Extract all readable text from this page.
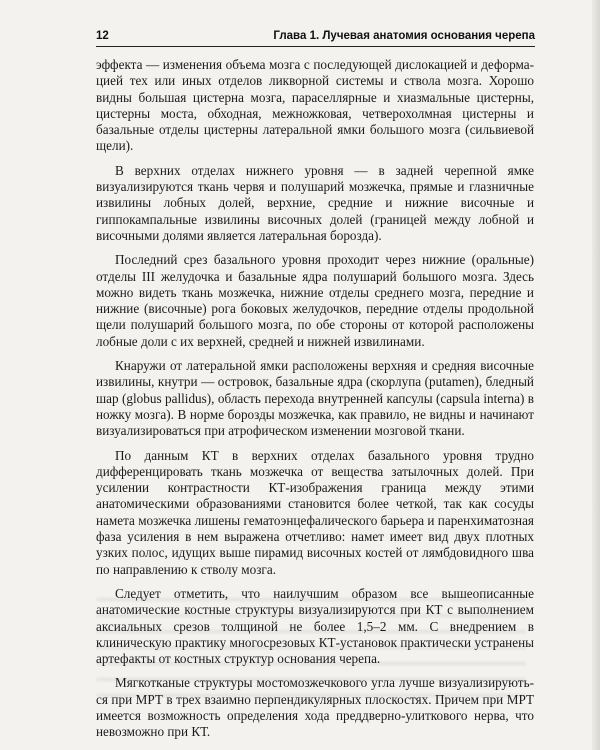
12	Глава 1. Лучевая анатомия основания черепа

эффекта — изменения объема мозга с последующей дислокацией и деформацией тех или иных отделов ликворной системы и ствола мозга. Хорошо видны большая цистерна мозга, параселлярные и хиазмальные цистерны, цистерны моста, обходная, межножковая, четверохолмная цистерны и базальные отделы цистерны латеральной ямки большого мозга (сильвиевой щели).

В верхних отделах нижнего уровня — в задней черепной ямке визуализируются ткань червя и полушарий мозжечка, прямые и глазничные извилины лобных долей, верхние, средние и нижние височные и гиппокампальные извилины височных долей (границей между лобной и височными долями является латеральная борозда).

Последний срез базального уровня проходит через нижние (оральные) отделы III желудочка и базальные ядра полушарий большого мозга. Здесь можно видеть ткань мозжечка, нижние отделы среднего мозга, передние и нижние (височные) рога боковых желудочков, передние отделы продольной щели полушарий большого мозга, по обе стороны от которой расположены лобные доли с их верхней, средней и нижней извилинами.

Кнаружи от латеральной ямки расположены верхняя и средняя височные извилины, кнутри — островок, базальные ядра (скорлупа (putamen), бледный шар (globus pallidus), область перехода внутренней капсулы (capsula interna) в ножку мозга). В норме борозды мозжечка, как правило, не видны и начинают визуализироваться при атрофическом изменении мозговой ткани.

По данным КТ в верхних отделах базального уровня трудно дифференцировать ткань мозжечка от вещества затылочных долей. При усилении контрастности КТ-изображения граница между этими анатомическими образованиями становится более четкой, так как сосуды намета мозжечка лишены гематоэнцефалического барьера и паренхиматозная фаза усиления в нем выражена отчетливо: намет имеет вид двух плотных узких полос, идущих выше пирамид височных костей от лямбдовидного шва по направлению к стволу мозга.

Следует отметить, что наилучшим образом все вышеописанные анатомические костные структуры визуализируются при КТ с выполнением аксиальных срезов толщиной не более 1,5–2 мм. С внедрением в клиническую практику многосрезовых КТ-установок практически устранены артефакты от костных структур основания черепа.

Мягкотканые структуры мостомозжечкового угла лучше визуализируються при МРТ в трех взаимно перпендикулярных плоскостях. Причем при МРТ имеется возможность определения хода преддверно-улиткового нерва, что невозможно при КТ.
